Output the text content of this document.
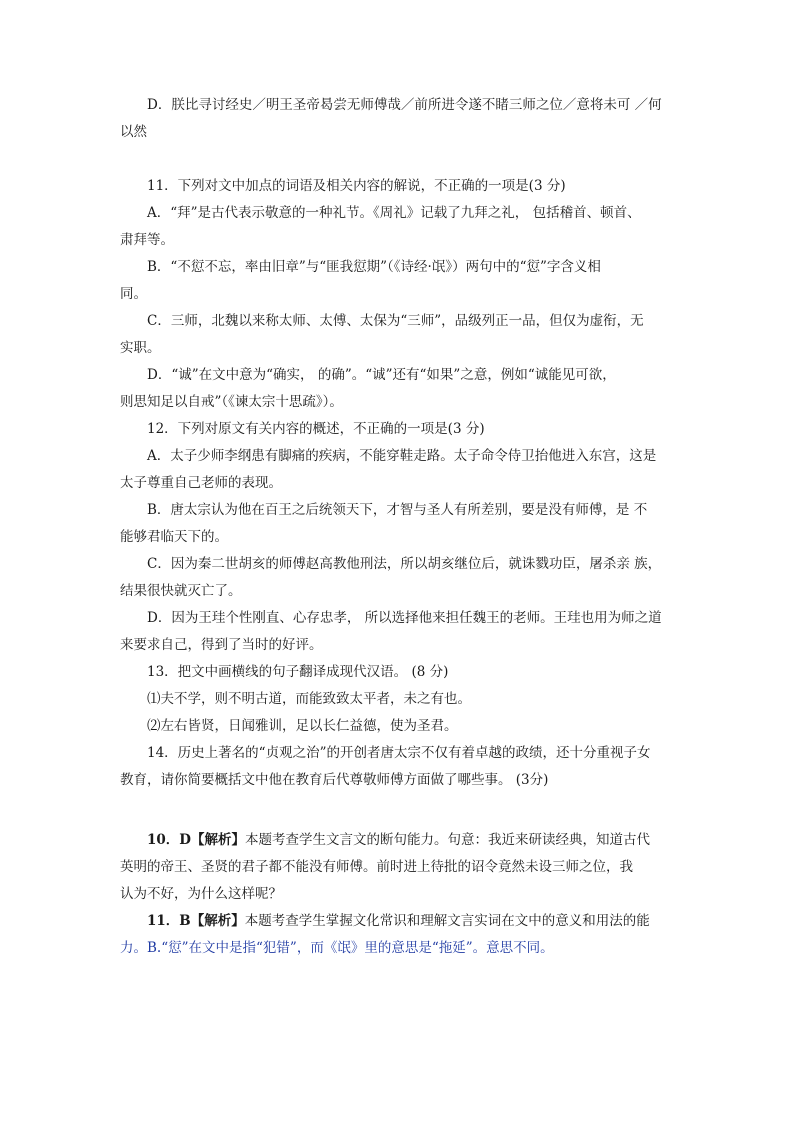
D．朕比寻讨经史／明王圣帝曷尝无师傅哉／前所进令遂不睹三师之位／意将未可 ／何
以然
11．下列对文中加点的词语及相关内容的解说，不正确的一项是(3 分)
A．“拜”是古代表示敬意的一种礼节。《周礼》记载了九拜之礼， 包括稽首、顿首、
肃拜等。
B．“不愆不忘，率由旧章”与“匪我愆期”（《诗经·氓》）两句中的“愆”字含义相
同。
C．三师，北魏以来称太师、太傅、太保为“三师”，品级列正一品，但仅为虚衔，无
实职。
D．“诚”在文中意为“确实， 的确”。“诚”还有“如果”之意，例如“诚能见可欲，
则思知足以自戒”（《谏太宗十思疏》）。
12．下列对原文有关内容的概述，不正确的一项是(3 分)
A．太子少师李纲患有脚痛的疾病，不能穿鞋走路。太子命令侍卫抬他进入东宫，这是
太子尊重自己老师的表现。
B．唐太宗认为他在百王之后统领天下，才智与圣人有所差别，要是没有师傅，是 不
能够君临天下的。
C．因为秦二世胡亥的师傅赵高教他刑法，所以胡亥继位后，就诛戮功臣，屠杀亲 族，
结果很快就灭亡了。
D．因为王珪个性刚直、心存忠孝， 所以选择他来担任魏王的老师。王珪也用为师之道
来要求自己，得到了当时的好评。
13．把文中画横线的句子翻译成现代汉语。 (8 分)
⑴夫不学，则不明古道，而能致致太平者，未之有也。
⑵左右皆贤，日闻雅训，足以长仁益德，使为圣君。
14．历史上著名的“贞观之治”的开创者唐太宗不仅有着卓越的政绩，还十分重视子女
教育，请你简要概括文中他在教育后代尊敬师傅方面做了哪些事。 (3分)
10．D【解析】本题考查学生文言文的断句能力。句意：我近来研读经典，知道古代
英明的帝王、圣贤的君子都不能没有师傅。前时进上待批的诏令竟然未设三师之位，我
认为不好，为什么这样呢？
11．B【解析】本题考查学生掌握文化常识和理解文言实词在文中的意义和用法的能
力。B.“愆”在文中是指“犯错”，而《氓》里的意思是“拖延”。意思不同。
